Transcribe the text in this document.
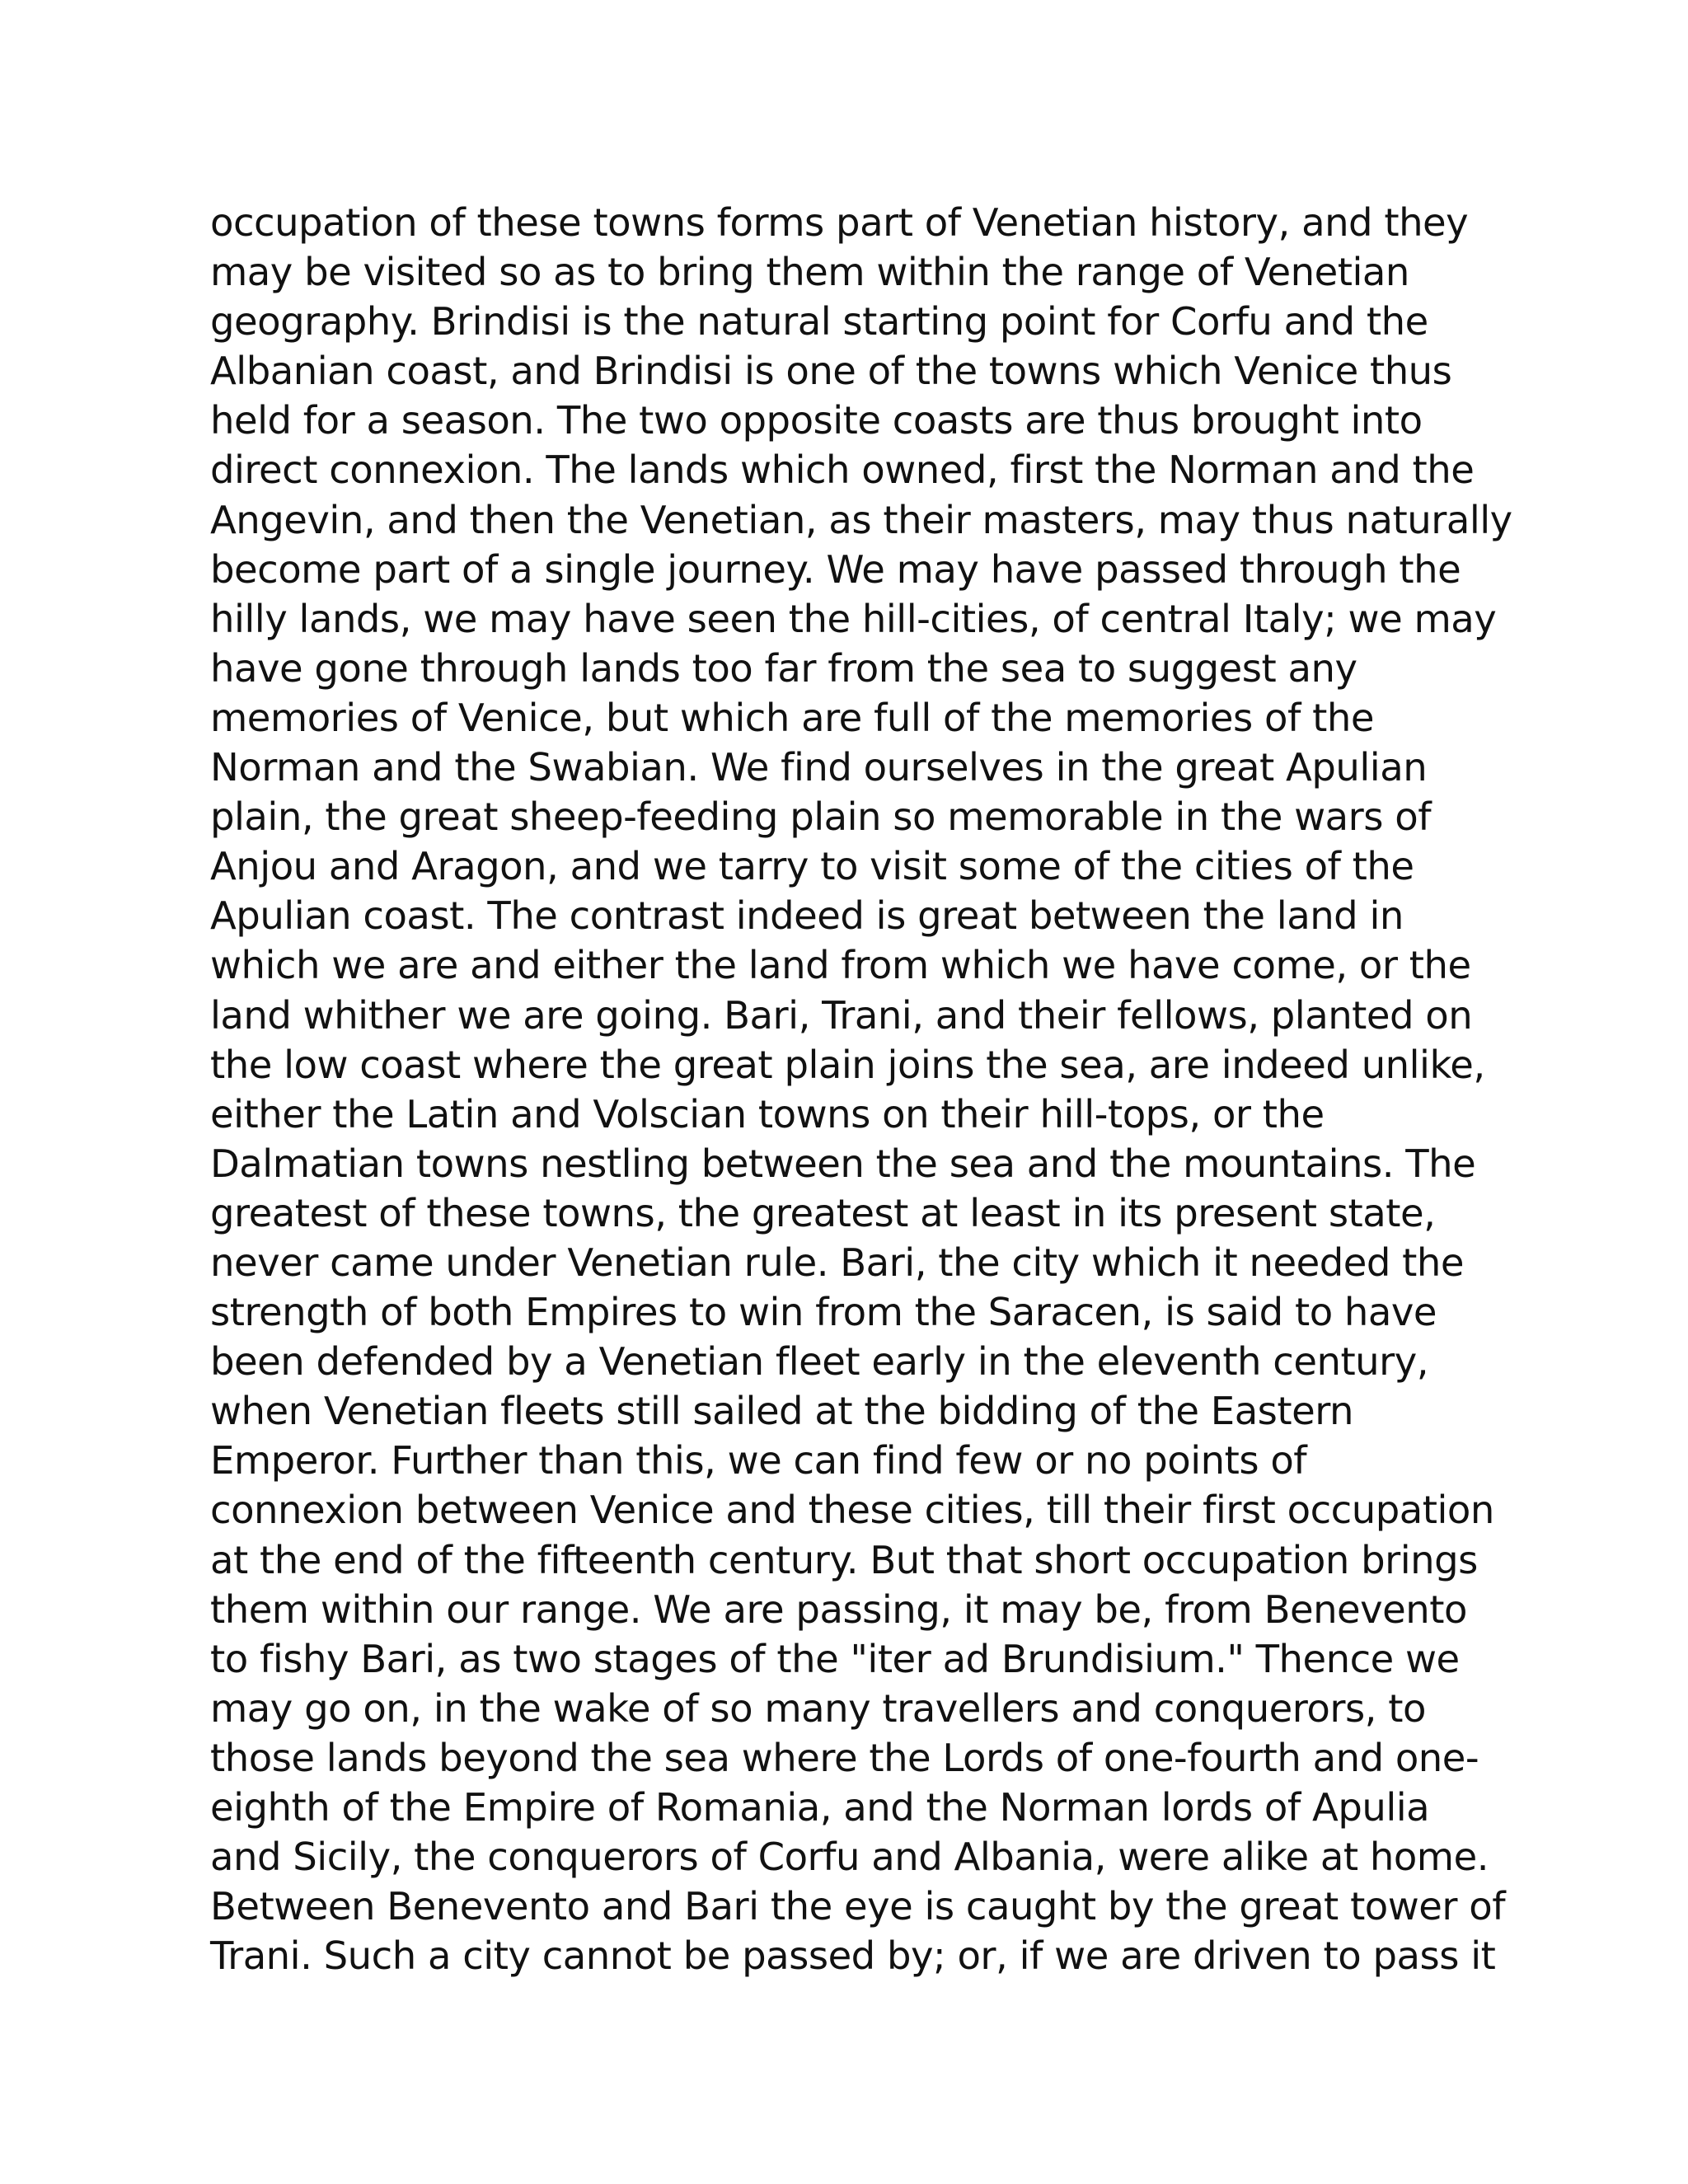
occupation of these towns forms part of Venetian history, and they
may be visited so as to bring them within the range of Venetian
geography. Brindisi is the natural starting point for Corfu and the
Albanian coast, and Brindisi is one of the towns which Venice thus
held for a season. The two opposite coasts are thus brought into
direct connexion. The lands which owned, first the Norman and the
Angevin, and then the Venetian, as their masters, may thus naturally
become part of a single journey. We may have passed through the
hilly lands, we may have seen the hill-cities, of central Italy; we may
have gone through lands too far from the sea to suggest any
memories of Venice, but which are full of the memories of the
Norman and the Swabian. We find ourselves in the great Apulian
plain, the great sheep-feeding plain so memorable in the wars of
Anjou and Aragon, and we tarry to visit some of the cities of the
Apulian coast. The contrast indeed is great between the land in
which we are and either the land from which we have come, or the
land whither we are going. Bari, Trani, and their fellows, planted on
the low coast where the great plain joins the sea, are indeed unlike,
either the Latin and Volscian towns on their hill-tops, or the
Dalmatian towns nestling between the sea and the mountains. The
greatest of these towns, the greatest at least in its present state,
never came under Venetian rule. Bari, the city which it needed the
strength of both Empires to win from the Saracen, is said to have
been defended by a Venetian fleet early in the eleventh century,
when Venetian fleets still sailed at the bidding of the Eastern
Emperor. Further than this, we can find few or no points of
connexion between Venice and these cities, till their first occupation
at the end of the fifteenth century. But that short occupation brings
them within our range. We are passing, it may be, from Benevento
to fishy Bari, as two stages of the "iter ad Brundisium." Thence we
may go on, in the wake of so many travellers and conquerors, to
those lands beyond the sea where the Lords of one-fourth and one-
eighth of the Empire of Romania, and the Norman lords of Apulia
and Sicily, the conquerors of Corfu and Albania, were alike at home.
Between Benevento and Bari the eye is caught by the great tower of
Trani. Such a city cannot be passed by; or, if we are driven to pass it
